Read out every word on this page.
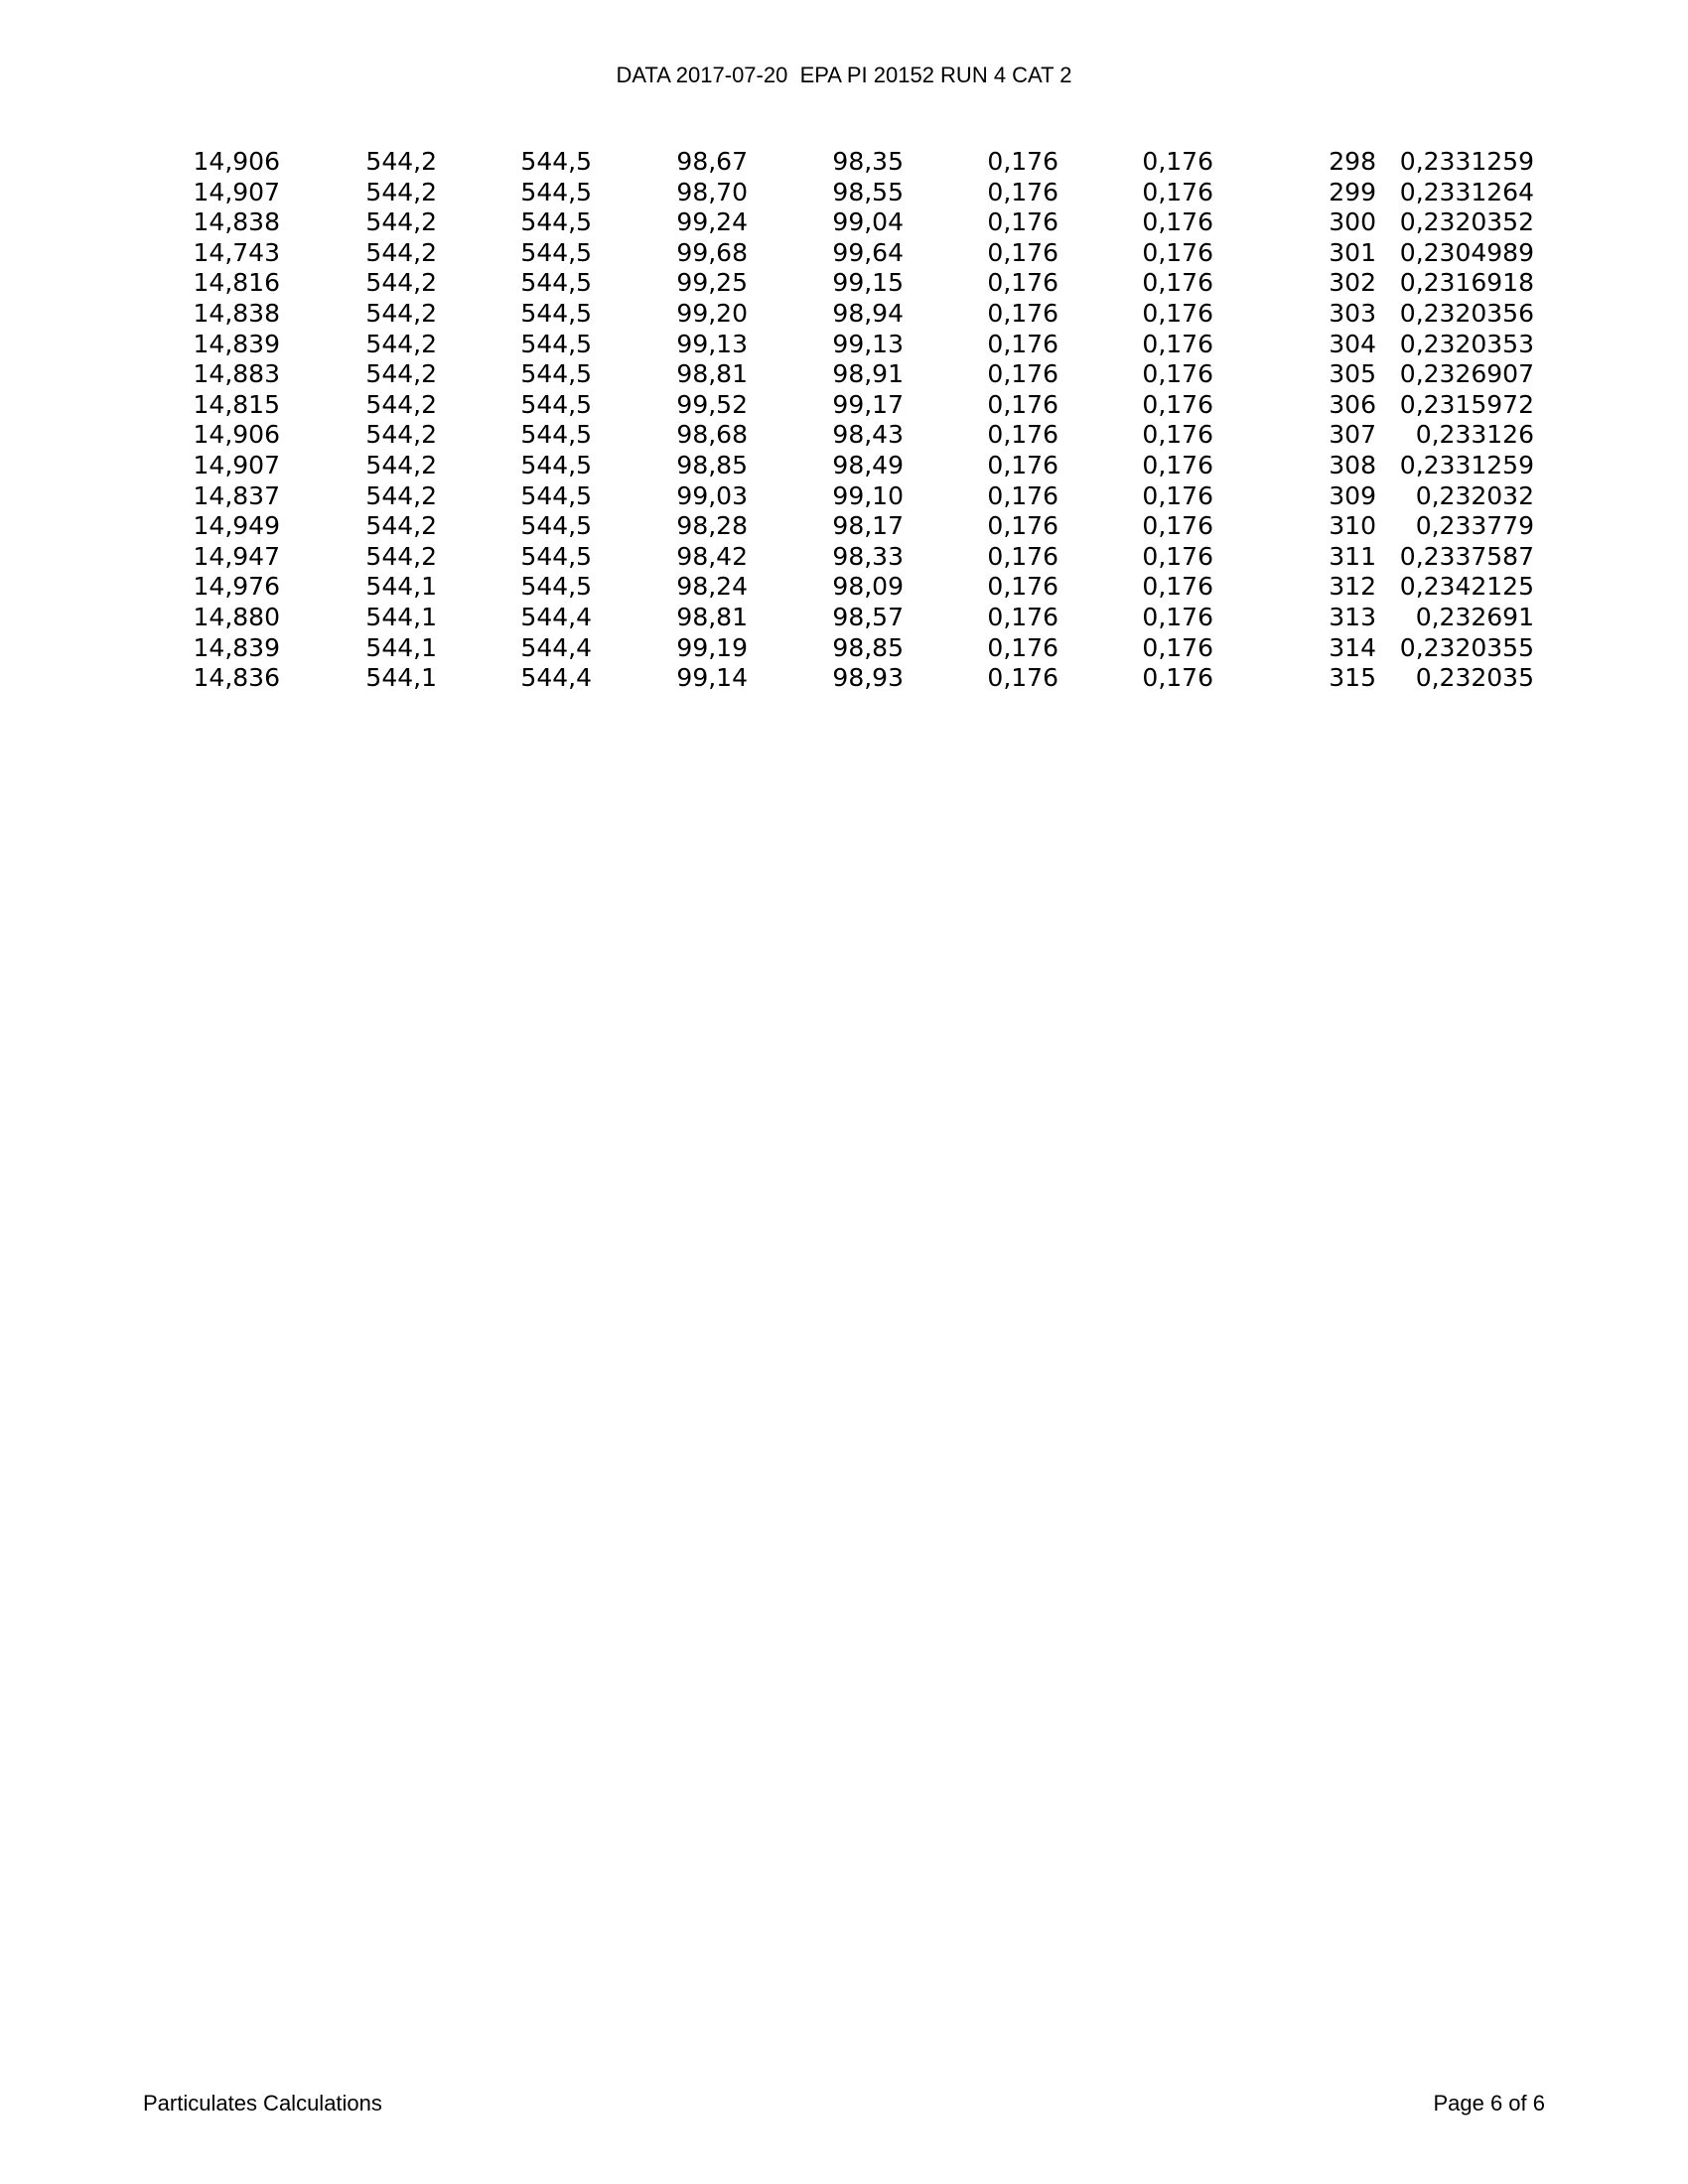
DATA 2017-07-20  EPA PI 20152 RUN 4 CAT 2
14,906	544,2	544,5	98,67	98,35	0,176	0,176	298 0,2331259
14,907	544,2	544,5	98,70	98,55	0,176	0,176	299 0,2331264
14,838	544,2	544,5	99,24	99,04	0,176	0,176	300 0,2320352
14,743	544,2	544,5	99,68	99,64	0,176	0,176	301 0,2304989
14,816	544,2	544,5	99,25	99,15	0,176	0,176	302 0,2316918
14,838	544,2	544,5	99,20	98,94	0,176	0,176	303 0,2320356
14,839	544,2	544,5	99,13	99,13	0,176	0,176	304 0,2320353
14,883	544,2	544,5	98,81	98,91	0,176	0,176	305 0,2326907
14,815	544,2	544,5	99,52	99,17	0,176	0,176	306 0,2315972
14,906	544,2	544,5	98,68	98,43	0,176	0,176	307	0,233126
14,907	544,2	544,5	98,85	98,49	0,176	0,176	308 0,2331259
14,837	544,2	544,5	99,03	99,10	0,176	0,176	309	0,232032
14,949	544,2	544,5	98,28	98,17	0,176	0,176	310	0,233779
14,947	544,2	544,5	98,42	98,33	0,176	0,176	311 0,2337587
14,976	544,1	544,5	98,24	98,09	0,176	0,176	312 0,2342125
14,880	544,1	544,4	98,81	98,57	0,176	0,176	313	0,232691
14,839	544,1	544,4	99,19	98,85	0,176	0,176	314 0,2320355
14,836	544,1	544,4	99,14	98,93	0,176	0,176	315	0,232035
Particulates Calculations	Page 6 of 6
